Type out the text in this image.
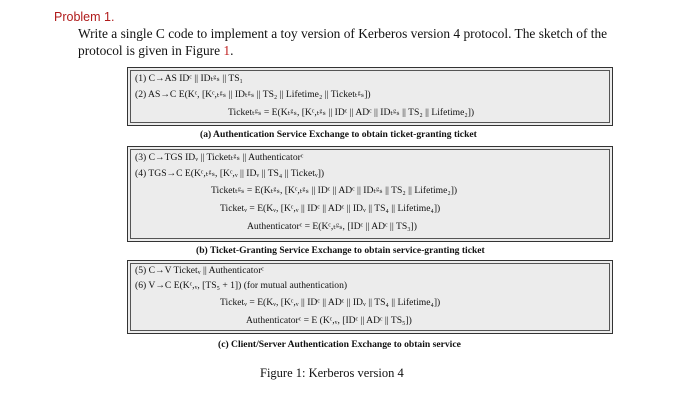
Problem 1.
Write a single C code to implement a toy version of Kerberos version 4 protocol. The sketch of the protocol is given in Figure 1.
(1) C→AS IDᶜ || IDₜᵍₛ || TS₁
(2) AS→C E(Kᶜ, [Kᶜ,ₜᵍₛ || IDₜᵍₛ || TS₂ || Lifetime₂ || Ticketₜᵍₛ])
Ticketₜᵍₛ = E(Kₜᵍₛ, [Kᶜ,ₜᵍₛ || IDᶜ || ADᶜ || IDₜᵍₛ || TS₂ || Lifetime₂])
(a) Authentication Service Exchange to obtain ticket-granting ticket
(3) C→TGS IDᵥ || Ticketₜᵍₛ || Authenticatorᶜ
(4) TGS→C E(Kᶜ,ₜᵍₛ, [Kᶜ,ᵥ || IDᵥ || TS₄ || Ticketᵥ])
Ticketₜᵍₛ = E(Kₜᵍₛ, [Kᶜ,ₜᵍₛ || IDᶜ || ADᶜ || IDₜᵍₛ || TS₂ || Lifetime₂])
Ticketᵥ = E(Kᵥ, [Kᶜ,ᵥ || IDᶜ || ADᶜ || IDᵥ || TS₄ || Lifetime₄])
Authenticatorᶜ = E(Kᶜ,ₜᵍₛ, [IDᶜ || ADᶜ || TS₃])
(b) Ticket-Granting Service Exchange to obtain service-granting ticket
(5) C→V Ticketᵥ || Authenticatorᶜ
(6) V→C E(Kᶜ,ᵥ, [TS₅ + 1]) (for mutual authentication)
Ticketᵥ = E(Kᵥ, [Kᶜ,ᵥ || IDᶜ || ADᶜ || IDᵥ || TS₄ || Lifetime₄])
Authenticatorᶜ = E (Kᶜ,ᵥ, [IDᶜ || ADᶜ || TS₅])
(c) Client/Server Authentication Exchange to obtain service
Figure 1: Kerberos version 4
